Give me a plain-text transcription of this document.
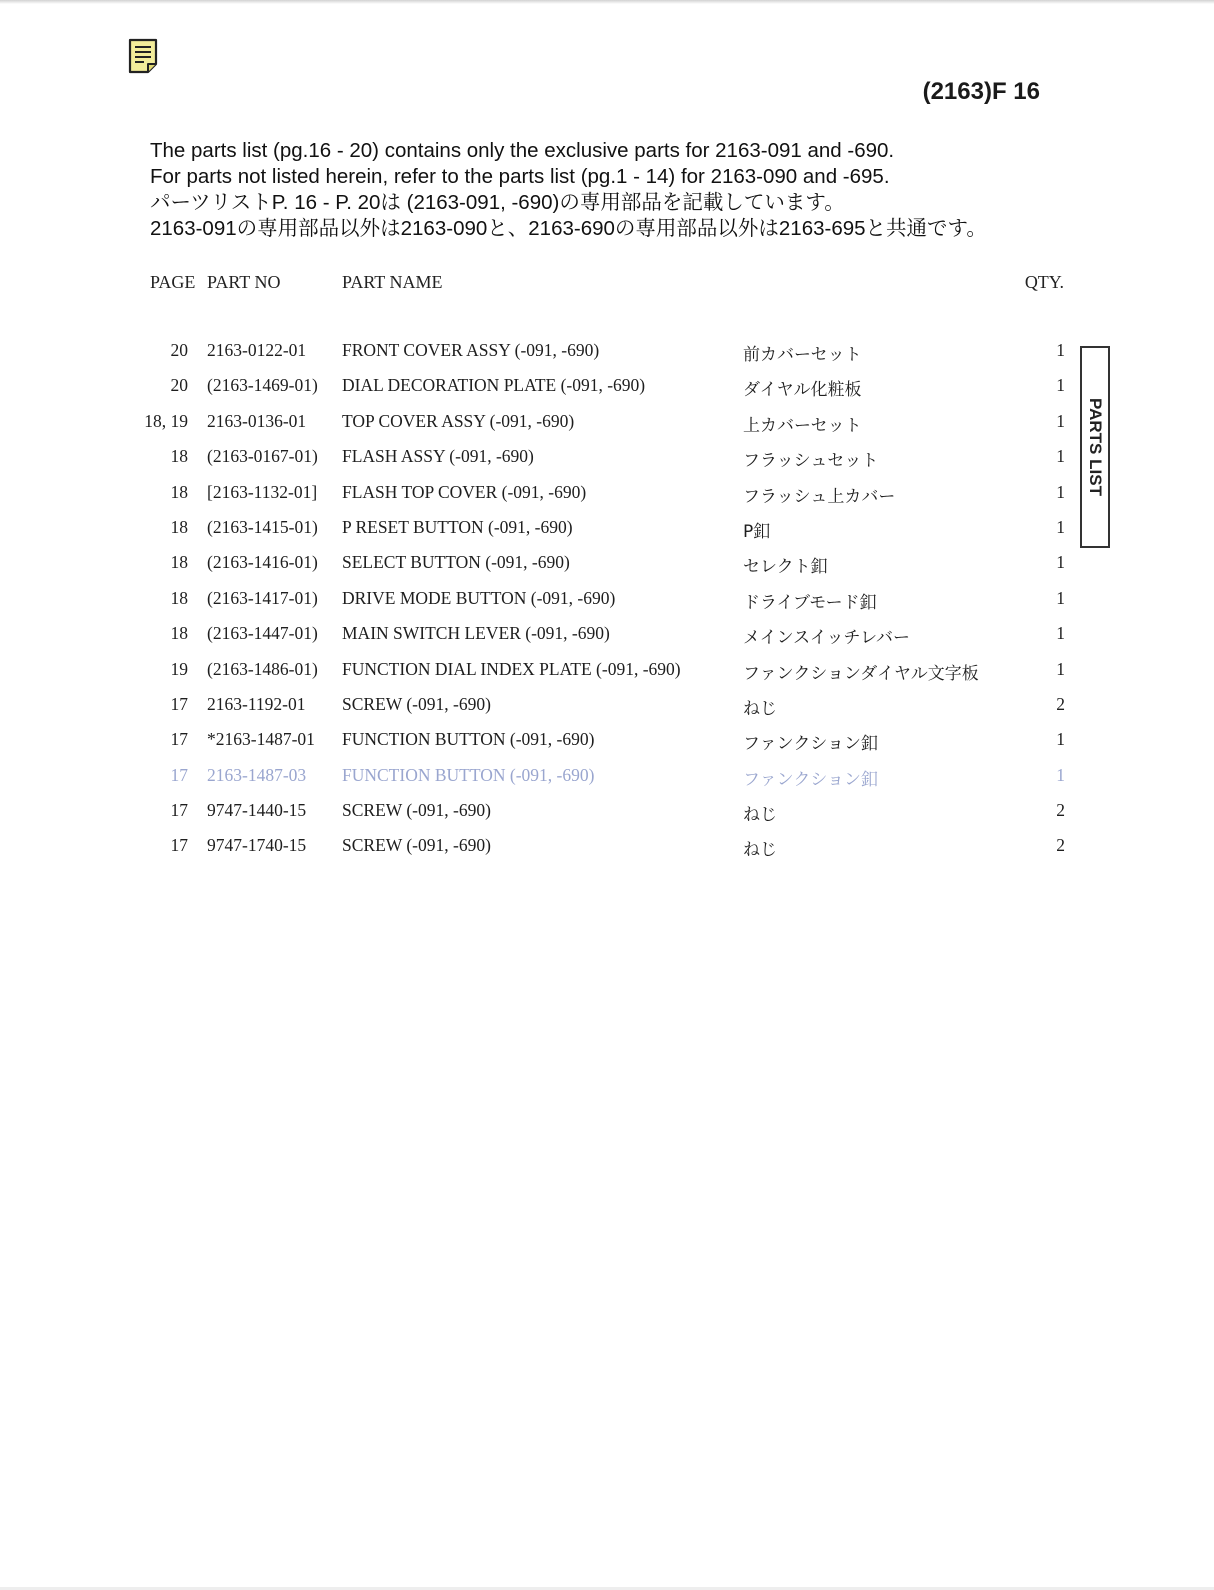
(2163)F 16
The parts list (pg.16 - 20) contains only the exclusive parts for 2163-091 and -690.
For parts not listed herein, refer to the parts list (pg.1 - 14) for 2163-090 and -695.
パーツリストP. 16 - P. 20は (2163-091, -690)の専用部品を記載しています。
2163-091の専用部品以外は2163-090と、2163-690の専用部品以外は2163-695と共通です。
PAGE PART NO	PART NAME	QTY.
20 2163-0122-01 FRONT COVER ASSY (-091, -690)	前カバーセット	1
20 (2163-1469-01) DIAL DECORATION PLATE (-091, -690)	ダイヤル化粧板	1
18, 19 2163-0136-01 TOP COVER ASSY (-091, -690)	上カバーセット	1
18 (2163-0167-01) FLASH ASSY (-091, -690)	フラッシュセット	1
18 [2163-1132-01] FLASH TOP COVER (-091, -690)	フラッシュ上カバー	1
18 (2163-1415-01) P RESET BUTTON (-091, -690)	P釦	1
18 (2163-1416-01) SELECT BUTTON (-091, -690)	セレクト釦	1
18 (2163-1417-01) DRIVE MODE BUTTON (-091, -690)	ドライブモード釦	1
18 (2163-1447-01) MAIN SWITCH LEVER (-091, -690)	メインスイッチレバー	1
19 (2163-1486-01) FUNCTION DIAL INDEX PLATE (-091, -690)	ファンクションダイヤル文字板	1
17 2163-1192-01 SCREW (-091, -690)	ねじ	2
17 *2163-1487-01 FUNCTION BUTTON (-091, -690)	ファンクション釦	1
17 2163-1487-03 FUNCTION BUTTON (-091, -690)	ファンクション釦	1
17 9747-1440-15 SCREW (-091, -690)	ねじ	2
17 9747-1740-15 SCREW (-091, -690)	ねじ	2
PARTS LIST
